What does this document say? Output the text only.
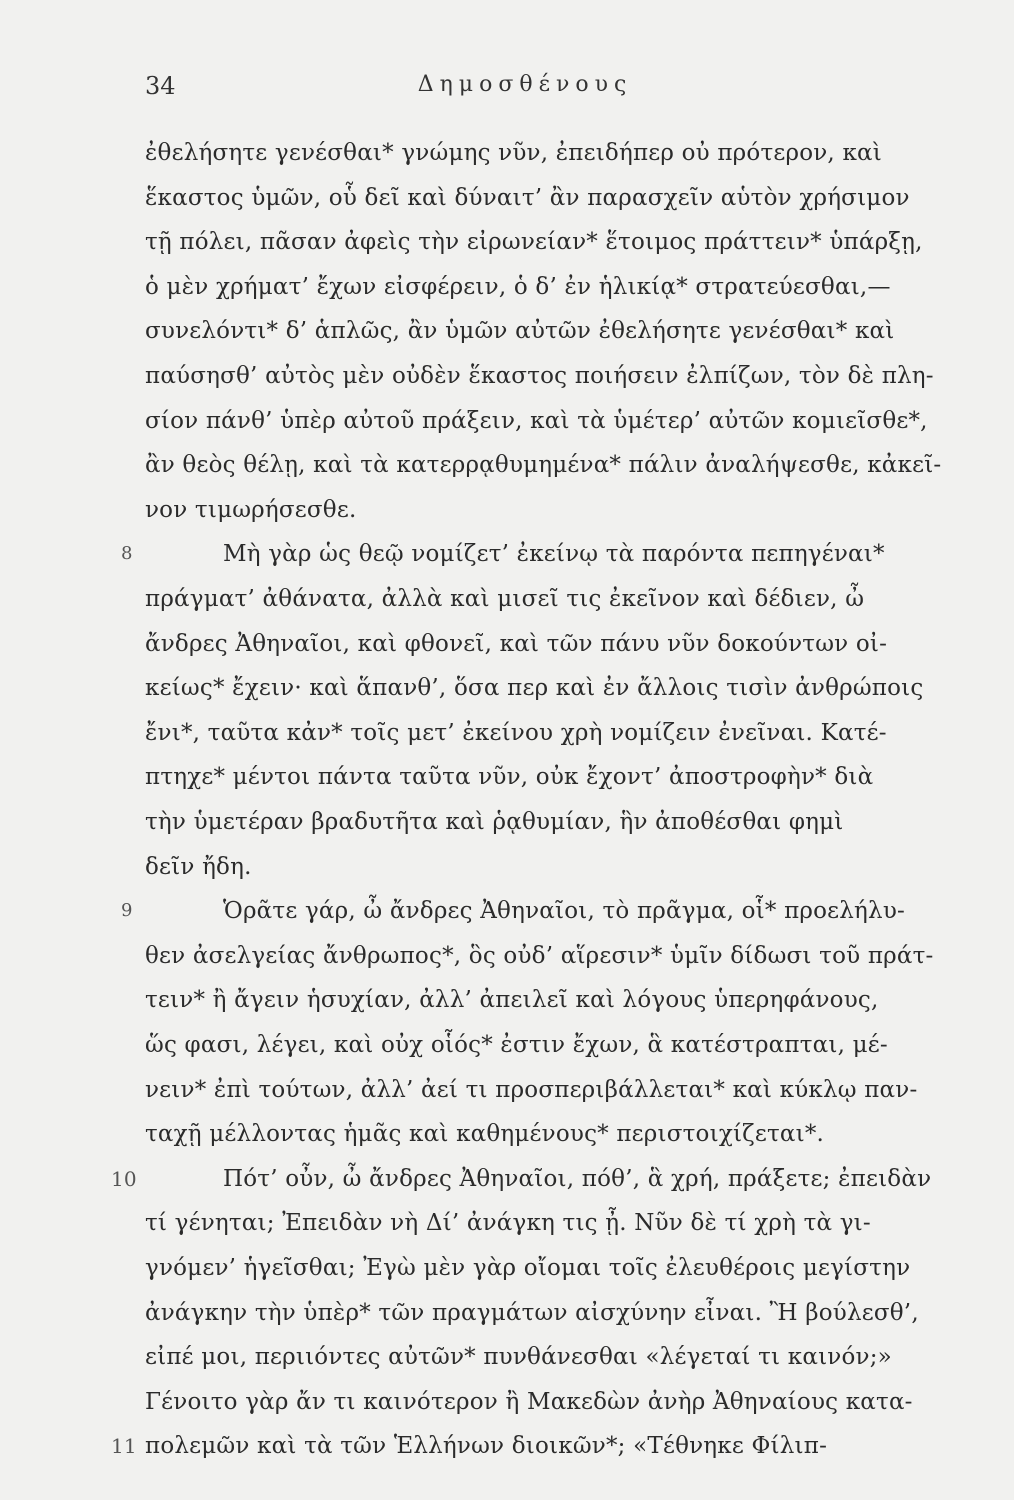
34	Δημοσθένους
ἐθελήσητε γενέσθαι* γνώμης νῦν, ἐπειδήπερ οὐ πρότερον, καὶ
ἕκαστος ὑμῶν, οὗ δεῖ καὶ δύναιτ’ ἂν παρασχεῖν αὑτὸν χρήσιμον
τῇ πόλει, πᾶσαν ἀφεὶς τὴν εἰρωνείαν* ἕτοιμος πράττειν* ὑπάρξῃ,
ὁ μὲν χρήματ’ ἔχων εἰσφέρειν, ὁ δ’ ἐν ἡλικίᾳ* στρατεύεσθαι,—
συνελόντι* δ’ ἁπλῶς, ἂν ὑμῶν αὐτῶν ἐθελήσητε γενέσθαι* καὶ
παύσησθ’ αὐτὸς μὲν οὐδὲν ἕκαστος ποιήσειν ἐλπίζων, τὸν δὲ πλη-
σίον πάνθ’ ὑπὲρ αὐτοῦ πράξειν, καὶ τὰ ὑμέτερ’ αὐτῶν κομιεῖσθε*,
ἂν θεὸς θέλῃ, καὶ τὰ κατερρᾳθυμημένα* πάλιν ἀναλήψεσθε, κἀκεῖ-
νον τιμωρήσεσθε.
8	Μὴ γὰρ ὡς θεῷ νομίζετ’ ἐκείνῳ τὰ παρόντα πεπηγέναι*
πράγματ’ ἀθάνατα, ἀλλὰ καὶ μισεῖ τις ἐκεῖνον καὶ δέδιεν, ὦ
ἄνδρες Ἀθηναῖοι, καὶ φθονεῖ, καὶ τῶν πάνυ νῦν δοκούντων οἰ-
κείως* ἔχειν· καὶ ἅπανθ’, ὅσα περ καὶ ἐν ἄλλοις τισὶν ἀνθρώποις
ἔνι*, ταῦτα κἀν* τοῖς μετ’ ἐκείνου χρὴ νομίζειν ἐνεῖναι. Κατέ-
πτηχε* μέντοι πάντα ταῦτα νῦν, οὐκ ἔχοντ’ ἀποστροφὴν* διὰ
τὴν ὑμετέραν βραδυτῆτα καὶ ῥᾳθυμίαν, ἣν ἀποθέσθαι φημὶ
δεῖν ἤδη.
9	Ὁρᾶτε γάρ, ὦ ἄνδρες Ἀθηναῖοι, τὸ πρᾶγμα, οἷ* προελήλυ-
θεν ἀσελγείας ἄνθρωπος*, ὃς οὐδ’ αἵρεσιν* ὑμῖν δίδωσι τοῦ πράτ-
τειν* ἢ ἄγειν ἡσυχίαν, ἀλλ’ ἀπειλεῖ καὶ λόγους ὑπερηφάνους,
ὥς φασι, λέγει, καὶ οὐχ οἷός* ἐστιν ἔχων, ἃ κατέστραπται, μέ-
νειν* ἐπὶ τούτων, ἀλλ’ ἀεί τι προσπεριβάλλεται* καὶ κύκλῳ παν-
ταχῇ μέλλοντας ἡμᾶς καὶ καθημένους* περιστοιχίζεται*.
10	Πότ’ οὖν, ὦ ἄνδρες Ἀθηναῖοι, πόθ’, ἃ χρή, πράξετε; ἐπειδὰν
τί γένηται; Ἐπειδὰν νὴ Δί’ ἀνάγκη τις ᾖ. Νῦν δὲ τί χρὴ τὰ γι-
γνόμεν’ ἡγεῖσθαι; Ἐγὼ μὲν γὰρ οἴομαι τοῖς ἐλευθέροις μεγίστην
ἀνάγκην τὴν ὑπὲρ* τῶν πραγμάτων αἰσχύνην εἶναι. Ἢ βούλεσθ’,
εἰπέ μοι, περιιόντες αὐτῶν* πυνθάνεσθαι «λέγεταί τι καινόν;»
Γένοιτο γὰρ ἄν τι καινότερον ἢ Μακεδὼν ἀνὴρ Ἀθηναίους κατα-
11 πολεμῶν καὶ τὰ τῶν Ἑλλήνων διοικῶν*; «Τέθνηκε Φίλιπ-
